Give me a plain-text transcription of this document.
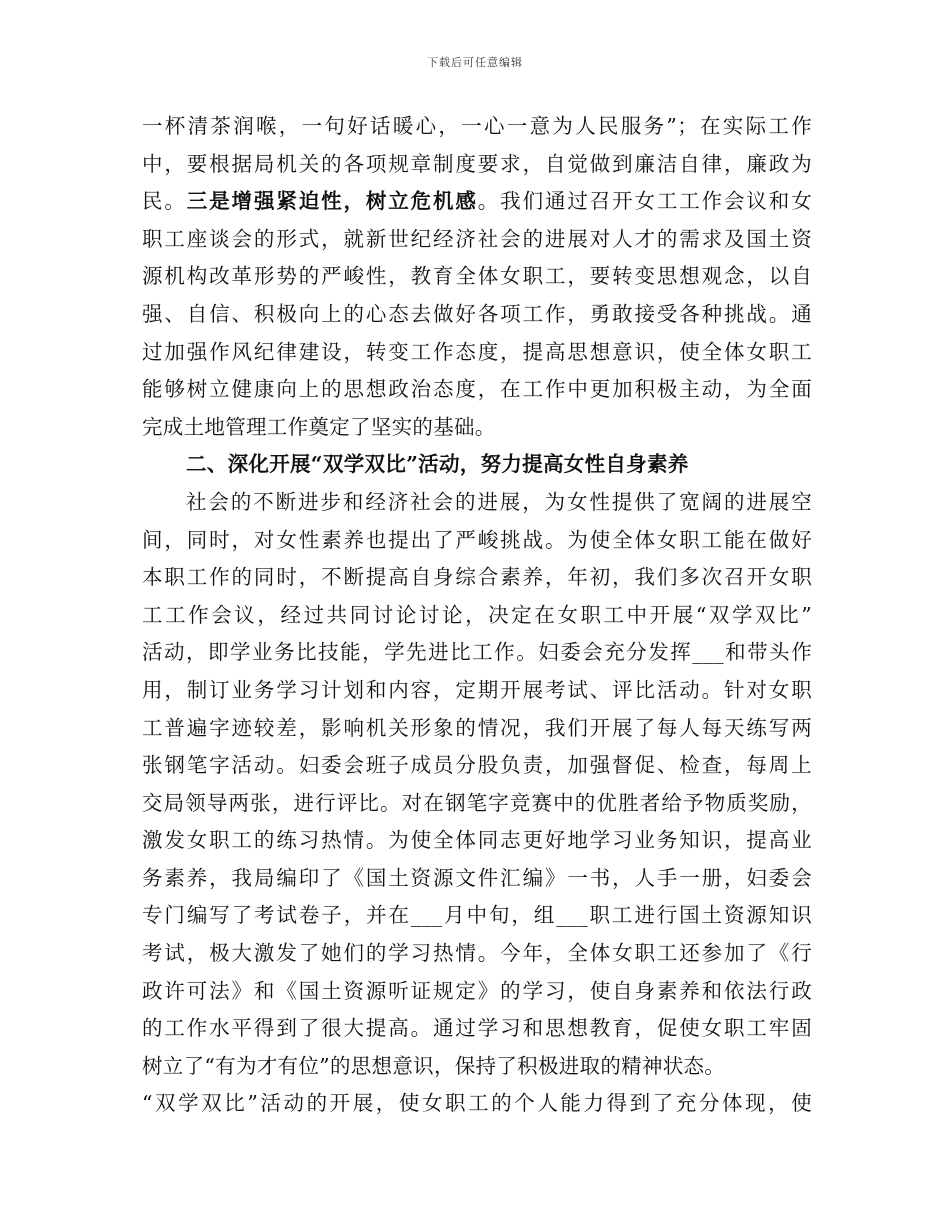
下载后可任意编辑
一杯清茶润喉，一句好话暖心，一心一意为人民服务”；在实际工作
中，要根据局机关的各项规章制度要求，自觉做到廉洁自律，廉政为
民。三是增强紧迫性，树立危机感。我们通过召开女工工作会议和女
职工座谈会的形式，就新世纪经济社会的进展对人才的需求及国土资
源机构改革形势的严峻性，教育全体女职工，要转变思想观念，以自
强、自信、积极向上的心态去做好各项工作，勇敢接受各种挑战。通
过加强作风纪律建设，转变工作态度，提高思想意识，使全体女职工
能够树立健康向上的思想政治态度，在工作中更加积极主动，为全面
完成土地管理工作奠定了坚实的基础。
二、深化开展“双学双比”活动，努力提高女性自身素养
社会的不断进步和经济社会的进展，为女性提供了宽阔的进展空
间，同时，对女性素养也提出了严峻挑战。为使全体女职工能在做好
本职工作的同时，不断提高自身综合素养，年初，我们多次召开女职
工工作会议，经过共同讨论讨论，决定在女职工中开展“双学双比”
活动，即学业务比技能，学先进比工作。妇委会充分发挥___和带头作
用，制订业务学习计划和内容，定期开展考试、评比活动。针对女职
工普遍字迹较差，影响机关形象的情况，我们开展了每人每天练写两
张钢笔字活动。妇委会班子成员分股负责，加强督促、检查，每周上
交局领导两张，进行评比。对在钢笔字竞赛中的优胜者给予物质奖励，
激发女职工的练习热情。为使全体同志更好地学习业务知识，提高业
务素养，我局编印了《国土资源文件汇编》一书，人手一册，妇委会
专门编写了考试卷子，并在___月中旬，组___职工进行国土资源知识
考试，极大激发了她们的学习热情。今年，全体女职工还参加了《行
政许可法》和《国土资源听证规定》的学习，使自身素养和依法行政
的工作水平得到了很大提高。通过学习和思想教育，促使女职工牢固
树立了“有为才有位”的思想意识，保持了积极进取的精神状态。
“双学双比”活动的开展，使女职工的个人能力得到了充分体现，使
